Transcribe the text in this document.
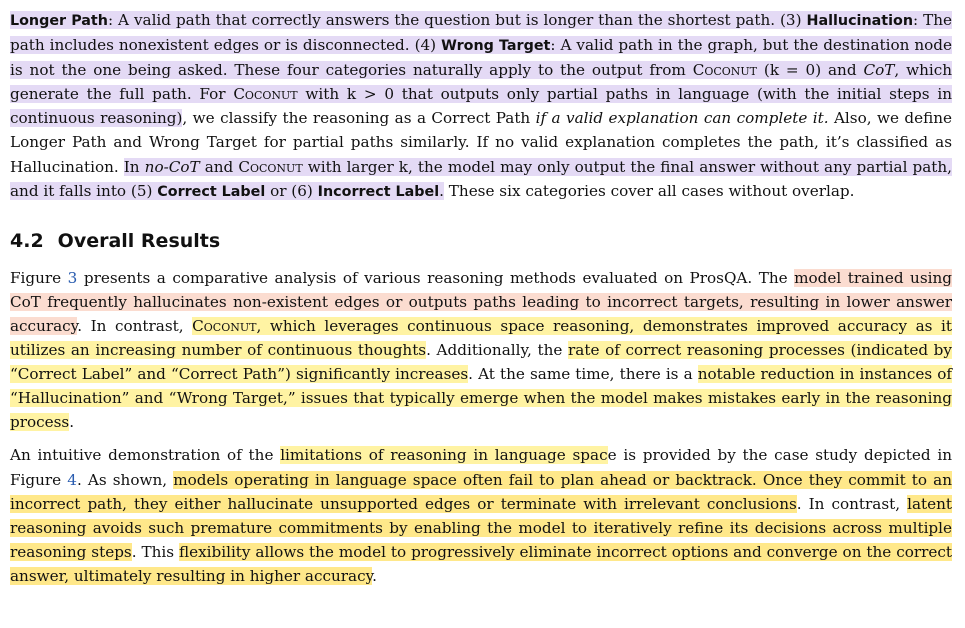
Longer Path: A valid path that correctly answers the question but is longer than the shortest path. (3) Hallucination: The path includes nonexistent edges or is disconnected. (4) Wrong Target: A valid path in the graph, but the destination node is not the one being asked. These four categories naturally apply to the output from Coconut (k = 0) and CoT, which generate the full path. For Coconut with k > 0 that outputs only partial paths in language (with the initial steps in continuous reasoning), we classify the reasoning as a Correct Path if a valid explanation can complete it. Also, we define Longer Path and Wrong Target for partial paths similarly. If no valid explanation completes the path, it’s classified as Hallucination. In no-CoT and Coconut with larger k, the model may only output the final answer without any partial path, and it falls into (5) Correct Label or (6) Incorrect Label. These six categories cover all cases without overlap.

4.2 Overall Results

Figure 3 presents a comparative analysis of various reasoning methods evaluated on ProsQA. The model trained using CoT frequently hallucinates non-existent edges or outputs paths leading to incorrect targets, resulting in lower answer accuracy. In contrast, Coconut, which leverages continuous space reasoning, demonstrates improved accuracy as it utilizes an increasing number of continuous thoughts. Additionally, the rate of correct reasoning processes (indicated by “Correct Label” and “Correct Path”) significantly increases. At the same time, there is a notable reduction in instances of “Hallucination” and “Wrong Target,” issues that typically emerge when the model makes mistakes early in the reasoning process.

An intuitive demonstration of the limitations of reasoning in language space is provided by the case study depicted in Figure 4. As shown, models operating in language space often fail to plan ahead or backtrack. Once they commit to an incorrect path, they either hallucinate unsupported edges or terminate with irrelevant conclusions. In contrast, latent reasoning avoids such premature commitments by enabling the model to iteratively refine its decisions across multiple reasoning steps. This flexibility allows the model to progressively eliminate incorrect options and converge on the correct answer, ultimately resulting in higher accuracy.
